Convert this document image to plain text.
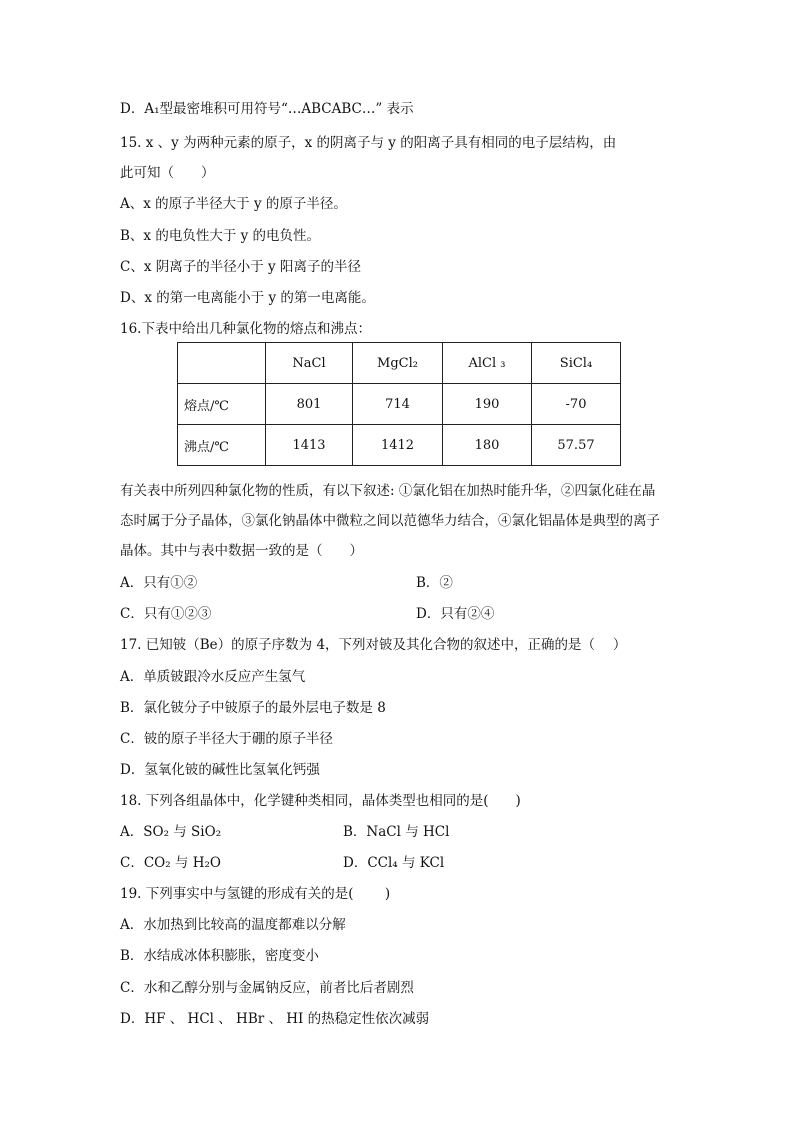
D．A₁型最密堆积可用符号“…ABCABC…” 表示
15. x 、y 为两种元素的原子，x 的阴离子与 y 的阳离子具有相同的电子层结构，由
此可知（　　）
A、x 的原子半径大于 y 的原子半径。
B、x 的电负性大于 y 的电负性。
C、x 阴离子的半径小于 y 阳离子的半径
D、x 的第一电离能小于 y 的第一电离能。
16.下表中给出几种氯化物的熔点和沸点：
	NaCl	MgCl₂	AlCl ₃	SiCl₄
熔点/℃	801	714	190	-70
沸点/℃	1413	1412	180	57.57
有关表中所列四种氯化物的性质，有以下叙述: ①氯化铝在加热时能升华，②四氯化硅在晶
态时属于分子晶体，③氯化钠晶体中微粒之间以范德华力结合，④氯化铝晶体是典型的离子
晶体。其中与表中数据一致的是（　　）
A．只有①②	B．②
C．只有①②③	D．只有②④
17. 已知铍（Be）的原子序数为 4，下列对铍及其化合物的叙述中，正确的是（　 ）
A．单质铍跟冷水反应产生氢气
B．氯化铍分子中铍原子的最外层电子数是 8
C．铍的原子半径大于硼的原子半径
D．氢氧化铍的碱性比氢氧化钙强
18. 下列各组晶体中，化学键种类相同，晶体类型也相同的是(　　)
A．SO₂ 与 SiO₂	B．NaCl 与 HCl
C．CO₂ 与 H₂O	D．CCl₄ 与 KCl
19. 下列事实中与氢键的形成有关的是(　　 )
A．水加热到比较高的温度都难以分解
B．水结成冰体积膨胀，密度变小
C．水和乙醇分别与金属钠反应，前者比后者剧烈
D．HF 、 HCl 、 HBr 、 HI 的热稳定性依次减弱
